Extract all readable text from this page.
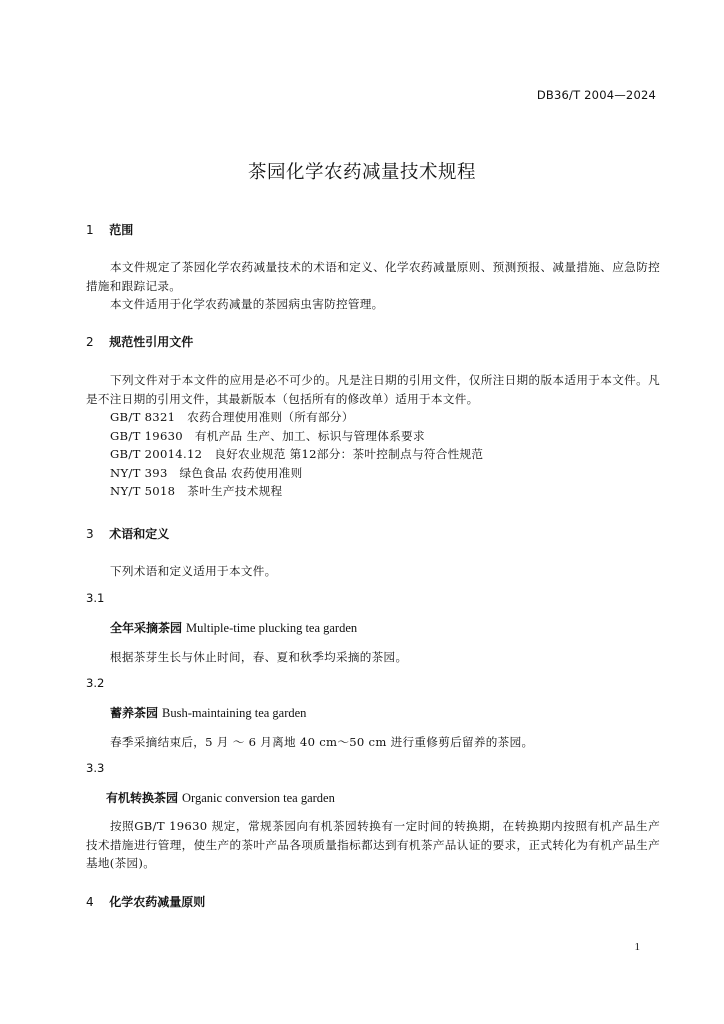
DB36/T 2004—2024
茶园化学农药减量技术规程
1 范围
本文件规定了茶园化学农药减量技术的术语和定义、化学农药减量原则、预测预报、减量措施、应急防控措施和跟踪记录。
本文件适用于化学农药减量的茶园病虫害防控管理。
2 规范性引用文件
下列文件对于本文件的应用是必不可少的。凡是注日期的引用文件，仅所注日期的版本适用于本文件。凡是不注日期的引用文件，其最新版本（包括所有的修改单）适用于本文件。
GB/T 8321　农药合理使用准则（所有部分）
GB/T 19630　有机产品 生产、加工、标识与管理体系要求
GB/T 20014.12　良好农业规范 第12部分：茶叶控制点与符合性规范
NY/T 393　绿色食品 农药使用准则
NY/T 5018　茶叶生产技术规程
3 术语和定义
下列术语和定义适用于本文件。
3.1
全年采摘茶园 Multiple-time plucking tea garden
根据茶芽生长与休止时间，春、夏和秋季均采摘的茶园。
3.2
蓄养茶园 Bush-maintaining tea garden
春季采摘结束后，5 月 ～ 6 月离地 40 cm～50 cm 进行重修剪后留养的茶园。
3.3
有机转换茶园 Organic conversion tea garden
按照GB/T 19630 规定，常规茶园向有机茶园转换有一定时间的转换期，在转换期内按照有机产品生产技术措施进行管理，使生产的茶叶产品各项质量指标都达到有机茶产品认证的要求，正式转化为有机产品生产基地(茶园)。
4 化学农药减量原则
1
